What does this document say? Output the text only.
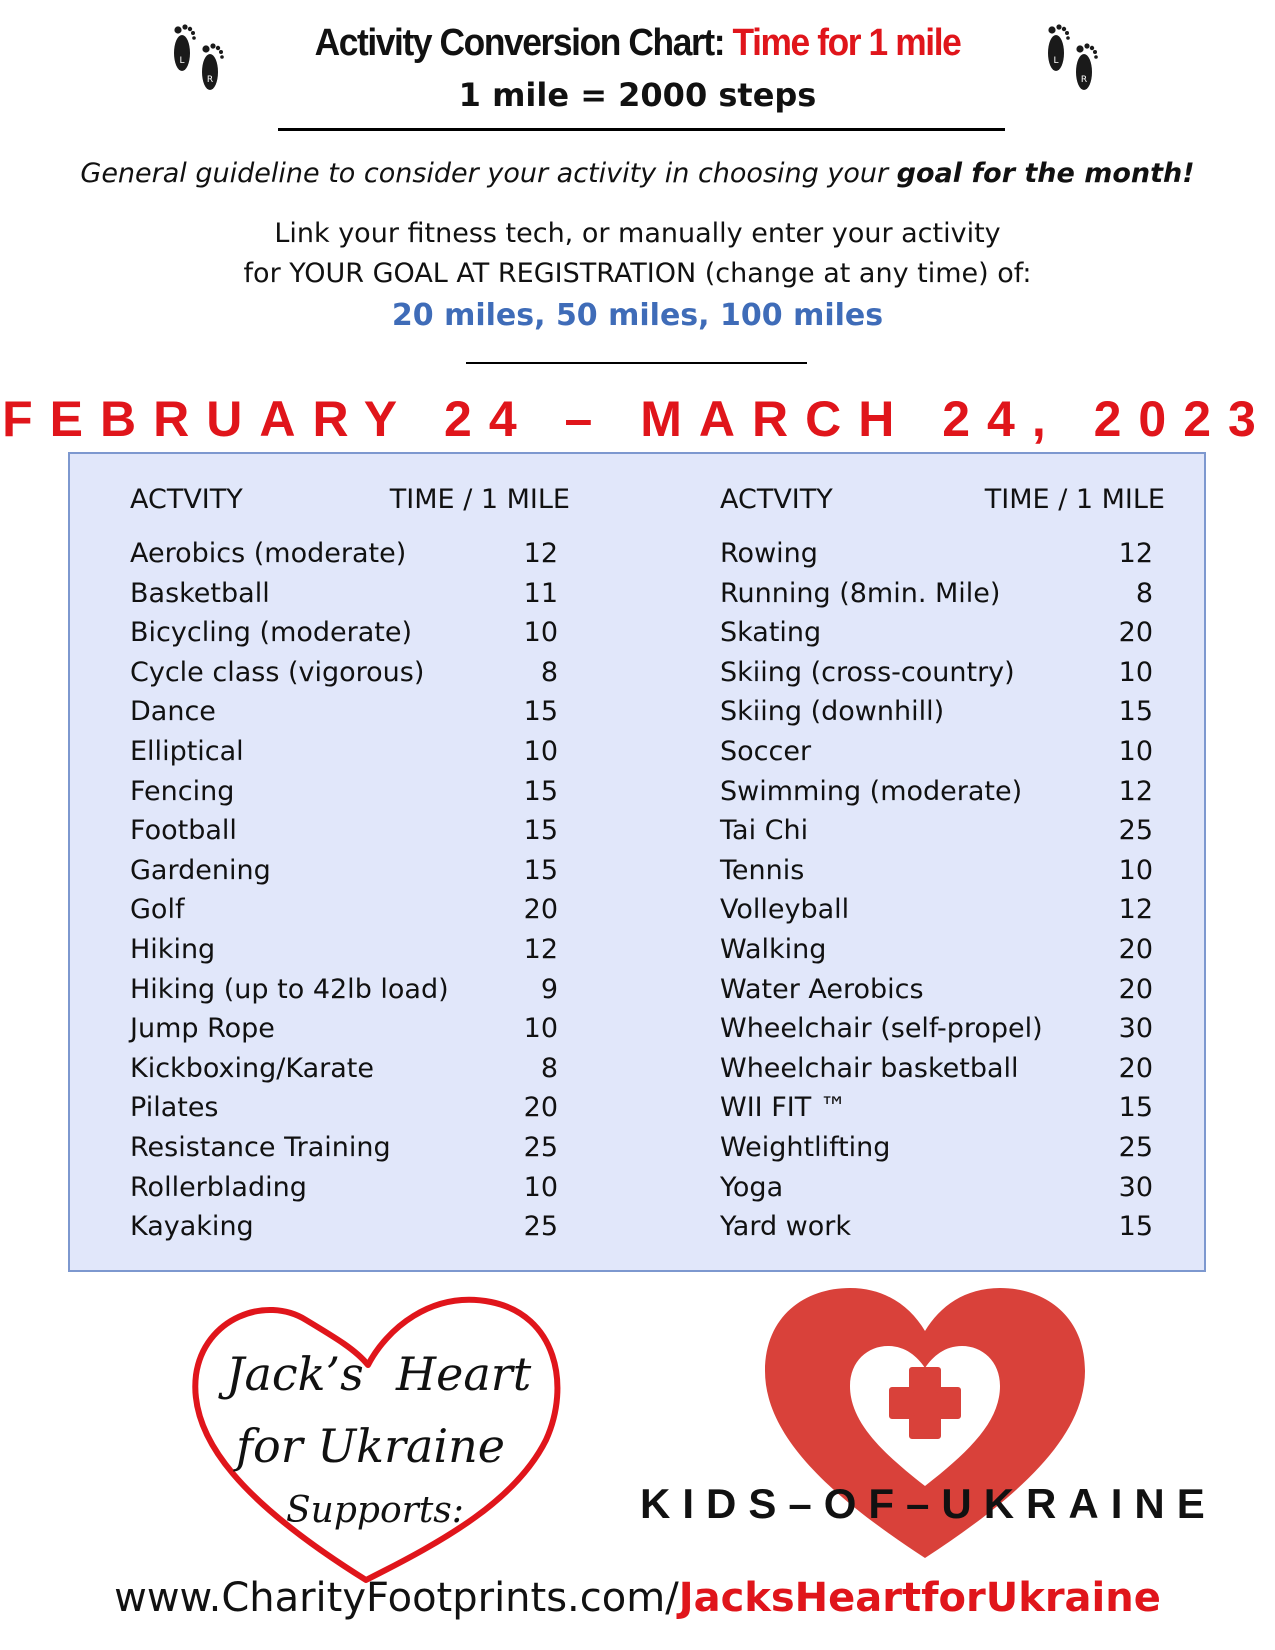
L
R
L
R
Activity Conversion Chart: Time for 1 mile
1 mile = 2000 steps
General guideline to consider your activity in choosing your goal for the month!
Link your fitness tech, or manually enter your activity
for YOUR GOAL AT REGISTRATION (change at any time) of:
20 miles, 50 miles, 100 miles
FEBRUARY 24 – MARCH 24, 2023
ACTVITY	TIME / 1 MILE
Aerobics (moderate)	12
Basketball	11
Bicycling (moderate)	10
Cycle class (vigorous)	8
Dance	15
Elliptical	10
Fencing	15
Football	15
Gardening	15
Golf	20
Hiking	12
Hiking (up to 42lb load)	9
Jump Rope	10
Kickboxing/Karate	8
Pilates	20
Resistance Training	25
Rollerblading	10
Kayaking	25
ACTVITY	TIME / 1 MILE
Rowing	12
Running (8min. Mile)	8
Skating	20
Skiing (cross-country)	10
Skiing (downhill)	15
Soccer	10
Swimming (moderate)	12
Tai Chi	25
Tennis	10
Volleyball	12
Walking	20
Water Aerobics	20
Wheelchair (self-propel)	30
Wheelchair basketball	20
WII FIT ™	15
Weightlifting	25
Yoga	30
Yard work	15
Jack’s Heart
for Ukraine
Supports:	KIDS–OF–UKRAINE
www.CharityFootprints.com/JacksHeartforUkraine
